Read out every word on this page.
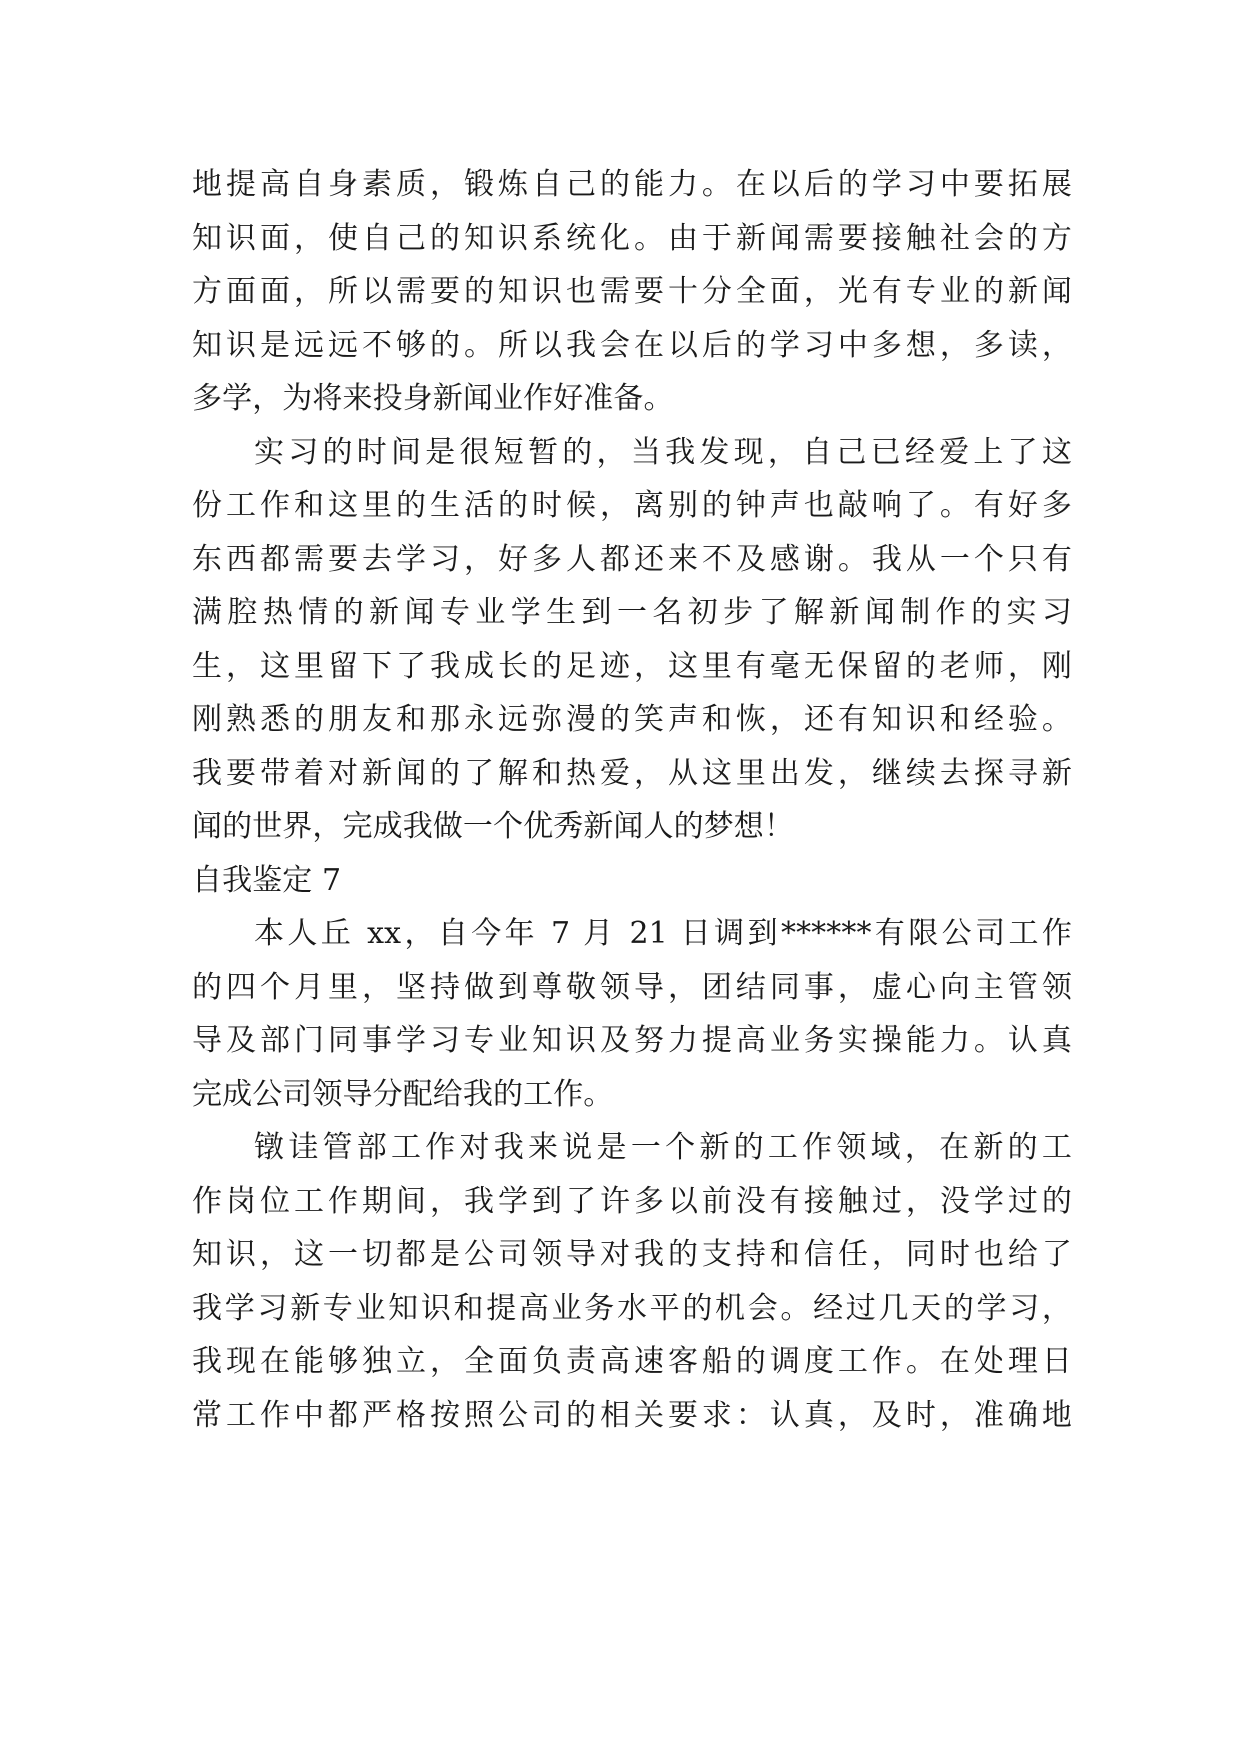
地提高自身素质，锻炼自己的能力。在以后的学习中要拓展
知识面，使自己的知识系统化。由于新闻需要接触社会的方
方面面，所以需要的知识也需要十分全面，光有专业的新闻
知识是远远不够的。所以我会在以后的学习中多想，多读，
多学，为将来投身新闻业作好准备。
实习的时间是很短暂的，当我发现，自己已经爱上了这
份工作和这里的生活的时候，离别的钟声也敲响了。有好多
东西都需要去学习，好多人都还来不及感谢。我从一个只有
满腔热情的新闻专业学生到一名初步了解新闻制作的实习
生，这里留下了我成长的足迹，这里有毫无保留的老师，刚
刚熟悉的朋友和那永远弥漫的笑声和恢，还有知识和经验。
我要带着对新闻的了解和热爱，从这里出发，继续去探寻新
闻的世界，完成我做一个优秀新闻人的梦想！
自我鉴定 7
本人丘 xx，自今年 7 月 21 日调到******有限公司工作
的四个月里，坚持做到尊敬领导，团结同事，虚心向主管领
导及部门同事学习专业知识及努力提高业务实操能力。认真
完成公司领导分配给我的工作。
镦诖管部工作对我来说是一个新的工作领域，在新的工
作岗位工作期间，我学到了许多以前没有接触过，没学过的
知识，这一切都是公司领导对我的支持和信任，同时也给了
我学习新专业知识和提高业务水平的机会。经过几天的学习，
我现在能够独立，全面负责高速客船的调度工作。在处理日
常工作中都严格按照公司的相关要求：认真，及时，准确地
